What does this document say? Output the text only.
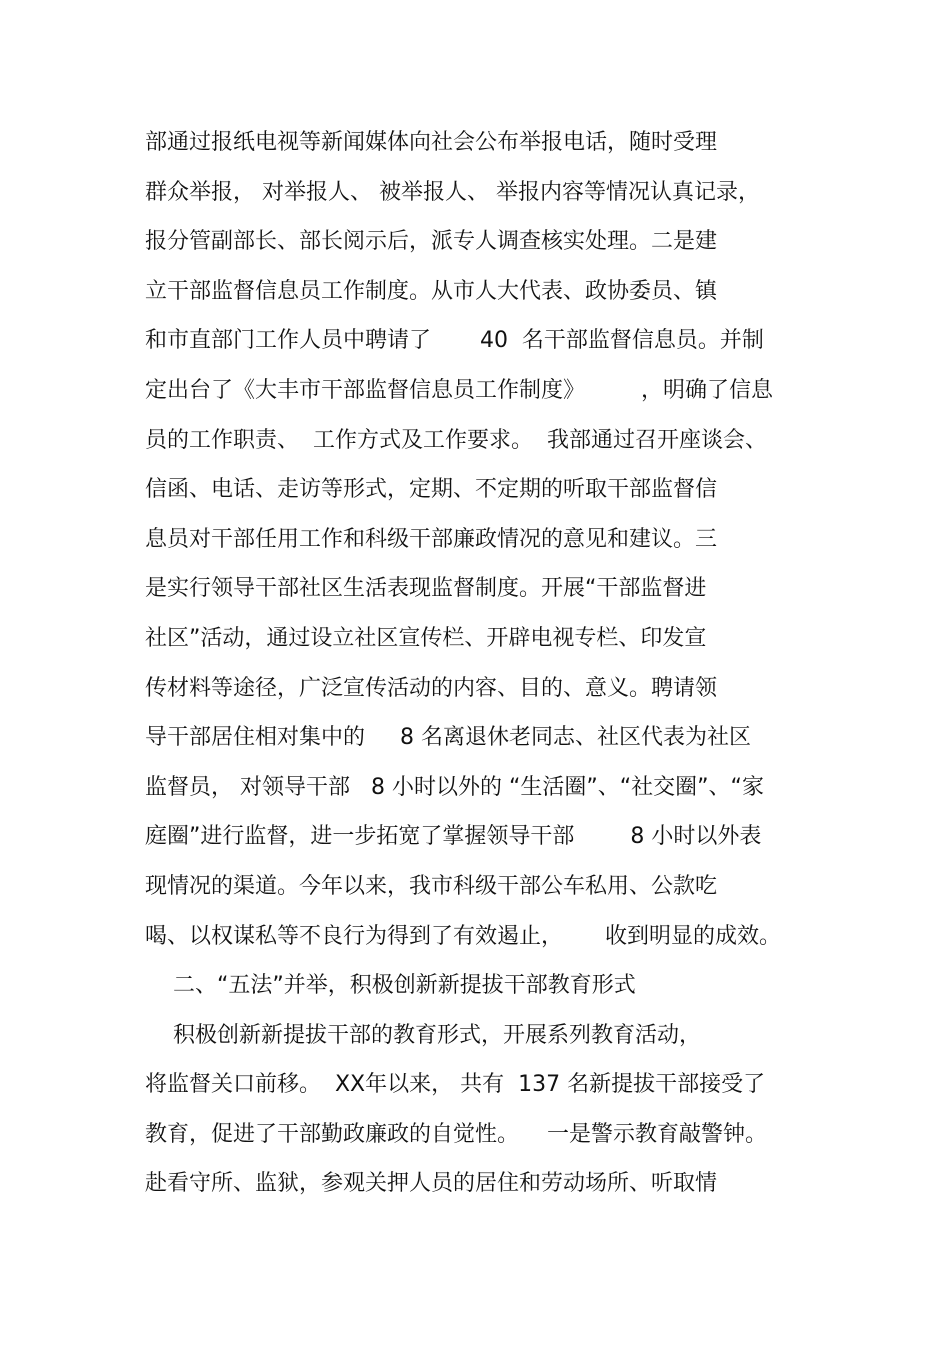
部通过报纸电视等新闻媒体向社会公布举报电话，随时受理
群众举报， 对举报人、 被举报人、 举报内容等情况认真记录，
报分管副部长、部长阅示后，派专人调查核实处理。二是建
立干部监督信息员工作制度。从市人大代表、政协委员、镇
和市直部门工作人员中聘请了       40  名干部监督信息员。并制
定出台了《大丰市干部监督信息员工作制度》        ，明确了信息
员的工作职责、  工作方式及工作要求。  我部通过召开座谈会、
信函、电话、走访等形式，定期、不定期的听取干部监督信
息员对干部任用工作和科级干部廉政情况的意见和建议。三
是实行领导干部社区生活表现监督制度。开展“干部监督进
社区”活动，通过设立社区宣传栏、开辟电视专栏、印发宣
传材料等途径，广泛宣传活动的内容、目的、意义。聘请领
导干部居住相对集中的     8 名离退休老同志、社区代表为社区
监督员， 对领导干部   8 小时以外的 “生活圈”、“社交圈”、“家
庭圈”进行监督，进一步拓宽了掌握领导干部        8 小时以外表
现情况的渠道。今年以来，我市科级干部公车私用、公款吃
喝、以权谋私等不良行为得到了有效遏止，      收到明显的成效。
二、“五法”并举，积极创新新提拔干部教育形式
积极创新新提拔干部的教育形式，开展系列教育活动，
将监督关口前移。  XX年以来， 共有  137 名新提拔干部接受了
教育，促进了干部勤政廉政的自觉性。    一是警示教育敲警钟。
赴看守所、监狱，参观关押人员的居住和劳动场所、听取情
